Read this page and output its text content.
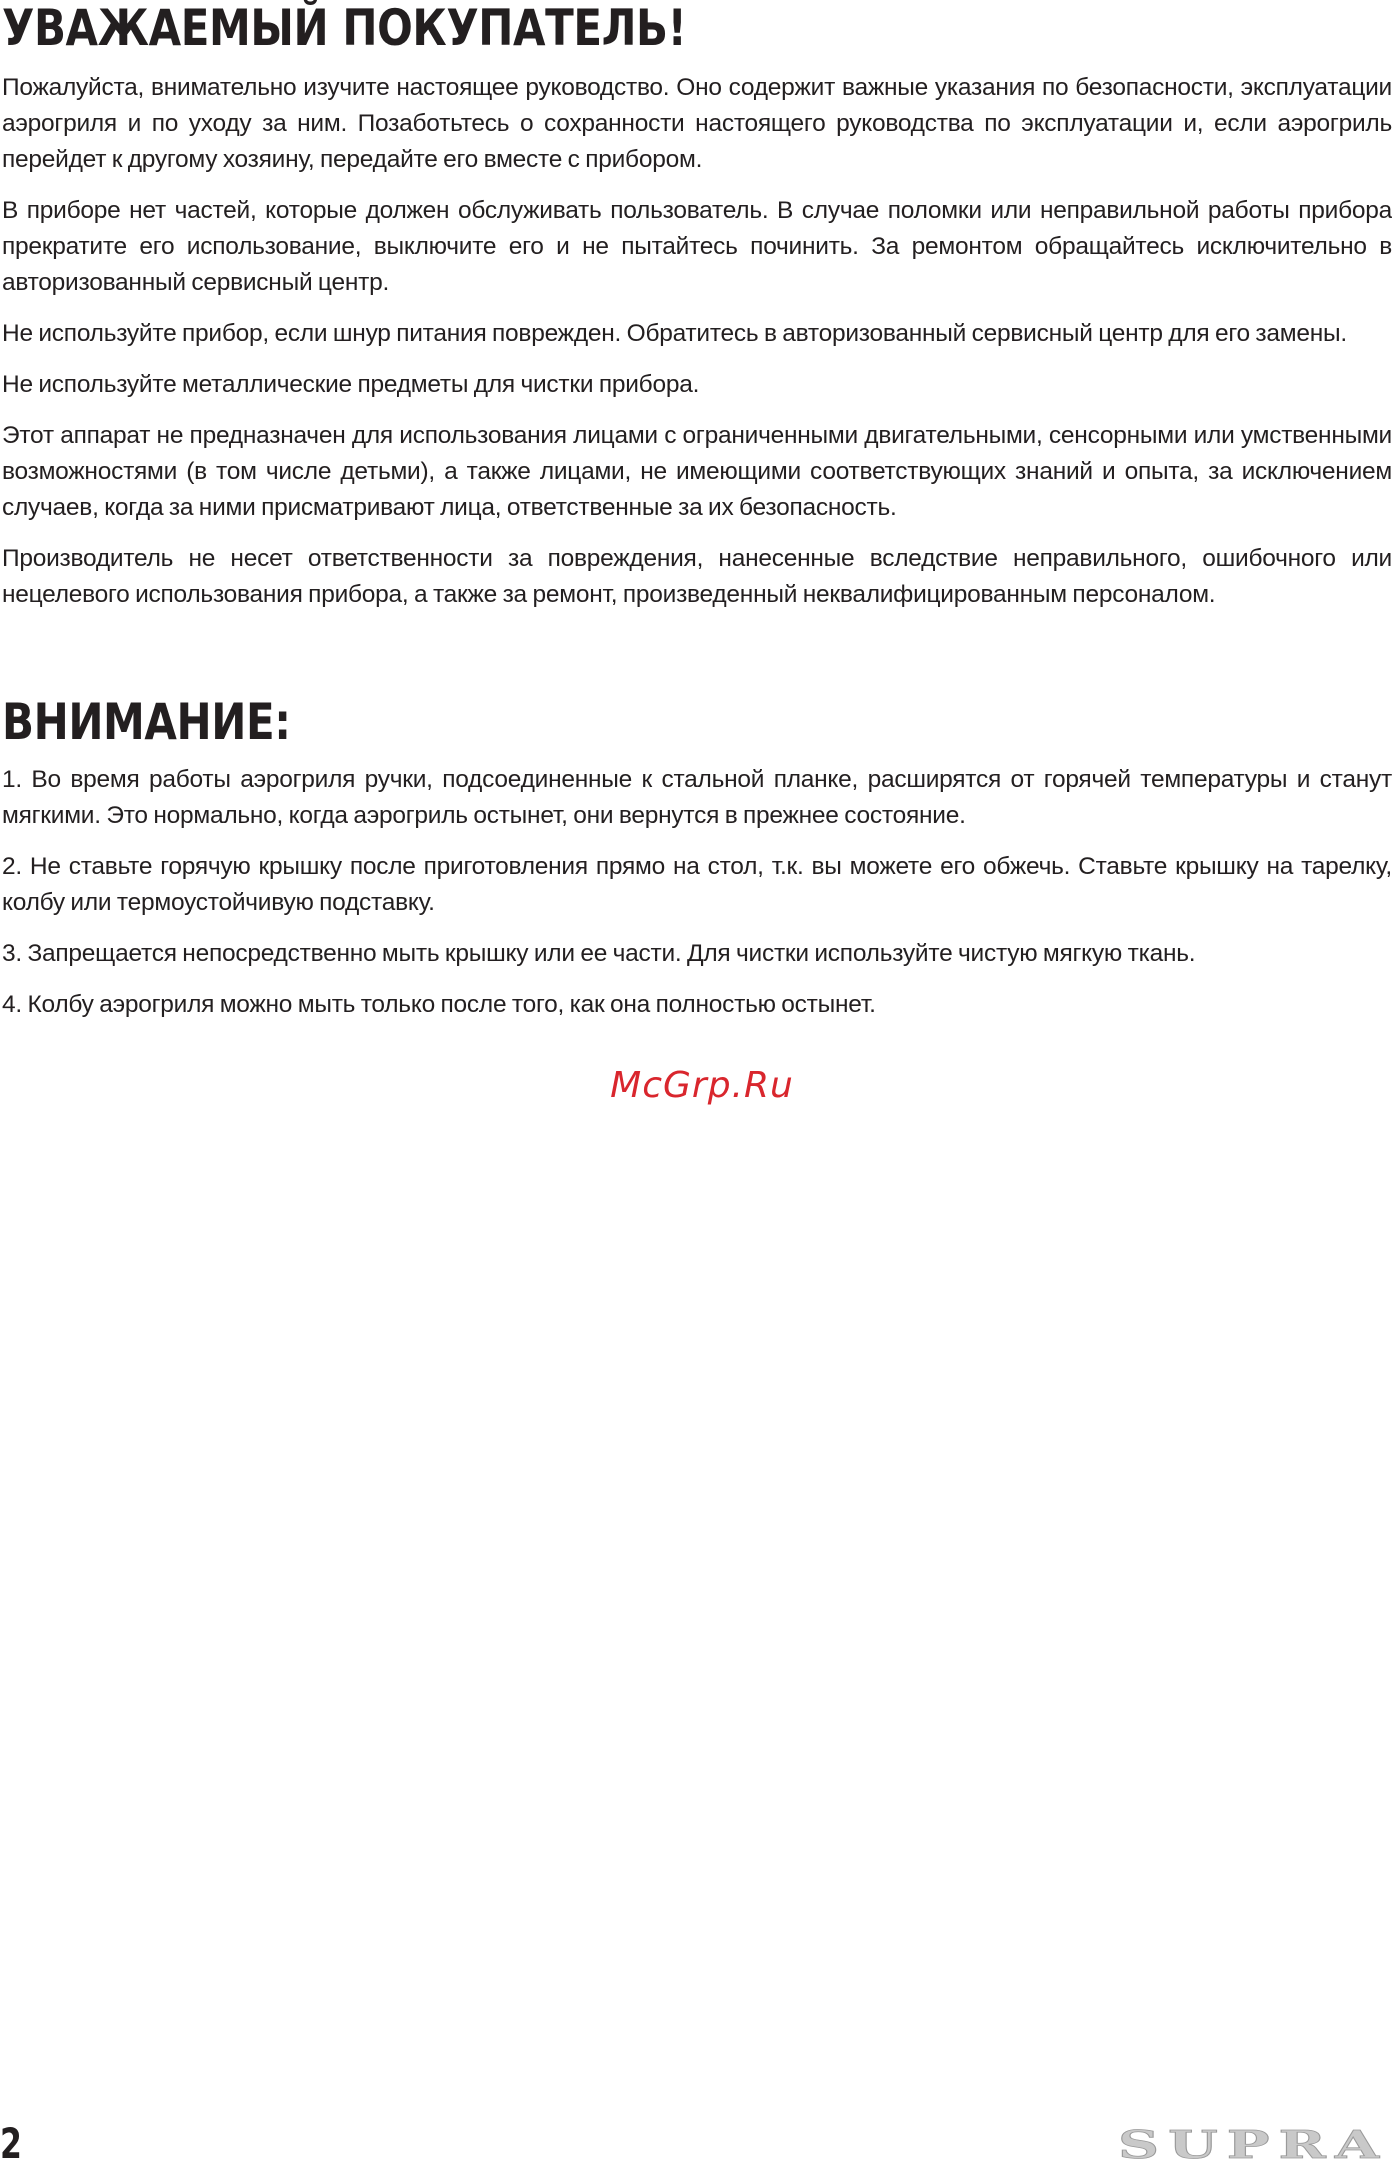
УВАЖАЕМЫЙ ПОКУПАТЕЛЬ!

Пожалуйста, внимательно изучите настоящее руководство. Оно содержит важные указания по безопасности, эксплуатации аэрогриля и по уходу за ним. Позаботьтесь о сохранности настоящего руководства по эксплуатации и, если аэрогриль перейдет к другому хозяину, передайте его вместе с прибором.

В приборе нет частей, которые должен обслуживать пользователь. В случае поломки или неправильной работы прибора прекратите его использование, выключите его и не пытайтесь починить. За ремонтом обращайтесь исключительно в авторизованный сервисный центр.

Не используйте прибор, если шнур питания поврежден. Обратитесь в авторизованный сервисный центр для его замены.

Не используйте металлические предметы для чистки прибора.

Этот аппарат не предназначен для использования лицами с ограниченными двигательными, сенсорными или умственными возможностями (в том числе детьми), а также лицами, не имеющими соответствующих знаний и опыта, за исключением случаев, когда за ними присматривают лица, ответственные за их безопасность.

Производитель не несет ответственности за повреждения, нанесенные вследствие неправильного, ошибочного или нецелевого использования прибора, а также за ремонт, произведенный неквалифицированным персоналом.

ВНИМАНИЕ:

1. Во время работы аэрогриля ручки, подсоединенные к стальной планке, расширятся от горячей температуры и станут мягкими. Это нормально, когда аэрогриль остынет, они вернутся в прежнее состояние.

2. Не ставьте горячую крышку после приготовления прямо на стол, т.к. вы можете его обжечь. Ставьте крышку на тарелку, колбу или термоустойчивую подставку.

3. Запрещается непосредственно мыть крышку или ее части. Для чистки используйте чистую мягкую ткань.

4. Колбу аэрогриля можно мыть только после того, как она полностью остынет.

McGrp.Ru
2	SUPRA
